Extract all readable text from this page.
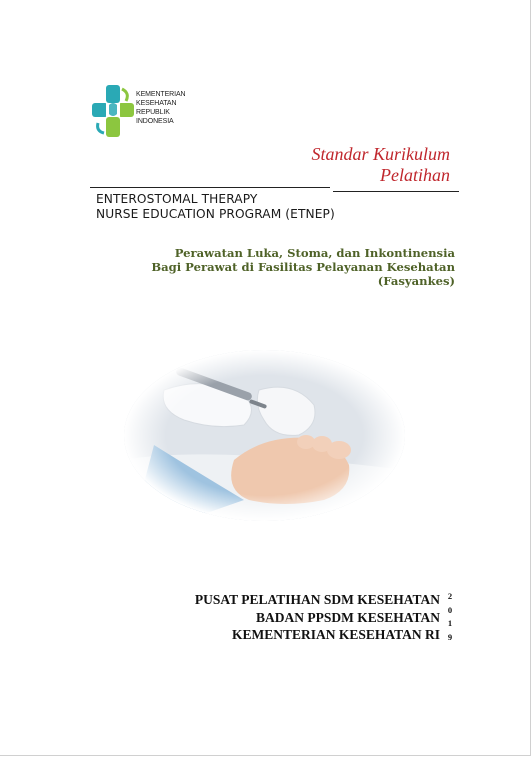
KEMENTERIAN
KESEHATAN
REPUBLIK
INDONESIA
Standar Kurikulum
Pelatihan
ENTEROSTOMAL THERAPY
NURSE EDUCATION PROGRAM (ETNEP)
Perawatan Luka, Stoma, dan Inkontinensia
Bagi Perawat di Fasilitas Pelayanan Kesehatan
(Fasyankes)
PUSAT PELATIHAN SDM KESEHATAN
BADAN PPSDM KESEHATAN
KEMENTERIAN KESEHATAN RI
2
0
1
9
